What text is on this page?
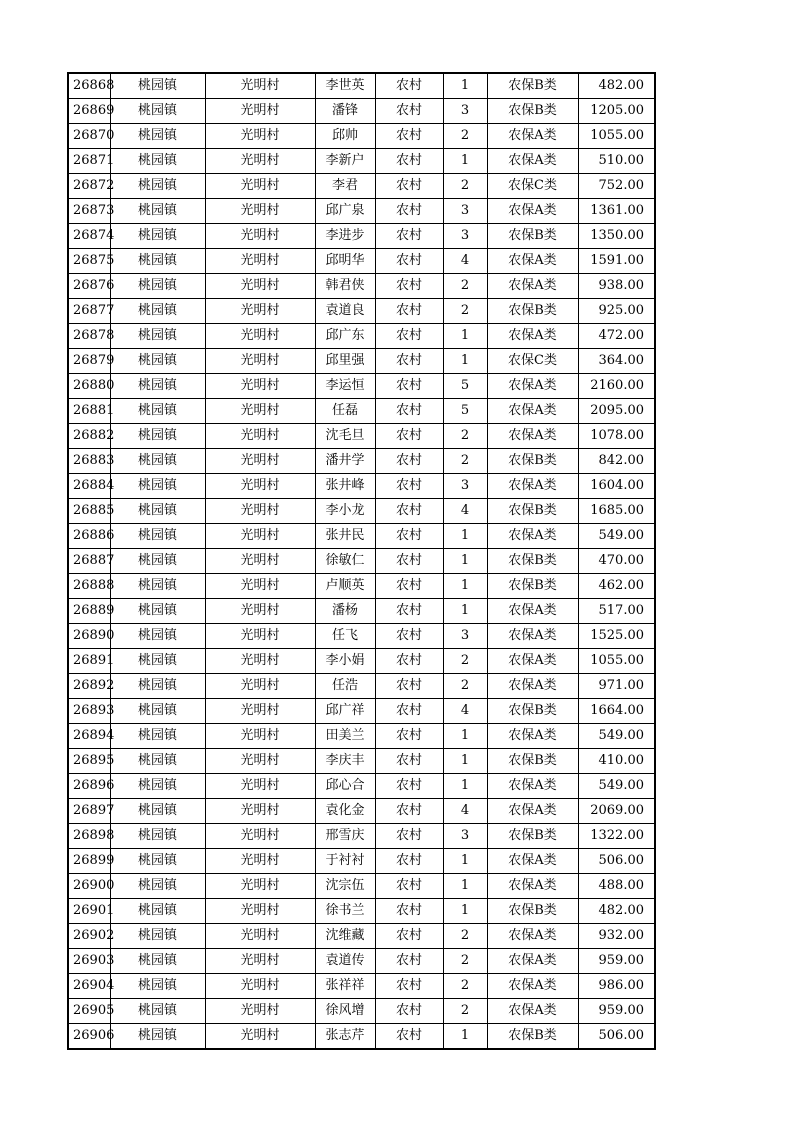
26868	桃园镇	光明村	李世英	农村	1	农保B类	482.00
26869	桃园镇	光明村	潘锋	农村	3	农保B类	1205.00
26870	桃园镇	光明村	邱帅	农村	2	农保A类	1055.00
26871	桃园镇	光明村	李新户	农村	1	农保A类	510.00
26872	桃园镇	光明村	李君	农村	2	农保C类	752.00
26873	桃园镇	光明村	邱广泉	农村	3	农保A类	1361.00
26874	桃园镇	光明村	李进步	农村	3	农保B类	1350.00
26875	桃园镇	光明村	邱明华	农村	4	农保A类	1591.00
26876	桃园镇	光明村	韩君侠	农村	2	农保A类	938.00
26877	桃园镇	光明村	袁道良	农村	2	农保B类	925.00
26878	桃园镇	光明村	邱广东	农村	1	农保A类	472.00
26879	桃园镇	光明村	邱里强	农村	1	农保C类	364.00
26880	桃园镇	光明村	李运恒	农村	5	农保A类	2160.00
26881	桃园镇	光明村	任磊	农村	5	农保A类	2095.00
26882	桃园镇	光明村	沈毛旦	农村	2	农保A类	1078.00
26883	桃园镇	光明村	潘井学	农村	2	农保B类	842.00
26884	桃园镇	光明村	张井峰	农村	3	农保A类	1604.00
26885	桃园镇	光明村	李小龙	农村	4	农保B类	1685.00
26886	桃园镇	光明村	张井民	农村	1	农保A类	549.00
26887	桃园镇	光明村	徐敏仁	农村	1	农保B类	470.00
26888	桃园镇	光明村	卢顺英	农村	1	农保B类	462.00
26889	桃园镇	光明村	潘杨	农村	1	农保A类	517.00
26890	桃园镇	光明村	任飞	农村	3	农保A类	1525.00
26891	桃园镇	光明村	李小娟	农村	2	农保A类	1055.00
26892	桃园镇	光明村	任浩	农村	2	农保A类	971.00
26893	桃园镇	光明村	邱广祥	农村	4	农保B类	1664.00
26894	桃园镇	光明村	田美兰	农村	1	农保A类	549.00
26895	桃园镇	光明村	李庆丰	农村	1	农保B类	410.00
26896	桃园镇	光明村	邱心合	农村	1	农保A类	549.00
26897	桃园镇	光明村	袁化金	农村	4	农保A类	2069.00
26898	桃园镇	光明村	邢雪庆	农村	3	农保B类	1322.00
26899	桃园镇	光明村	于衬衬	农村	1	农保A类	506.00
26900	桃园镇	光明村	沈宗伍	农村	1	农保A类	488.00
26901	桃园镇	光明村	徐书兰	农村	1	农保B类	482.00
26902	桃园镇	光明村	沈维藏	农村	2	农保A类	932.00
26903	桃园镇	光明村	袁道传	农村	2	农保A类	959.00
26904	桃园镇	光明村	张祥祥	农村	2	农保A类	986.00
26905	桃园镇	光明村	徐风增	农村	2	农保A类	959.00
26906	桃园镇	光明村	张志芹	农村	1	农保B类	506.00
